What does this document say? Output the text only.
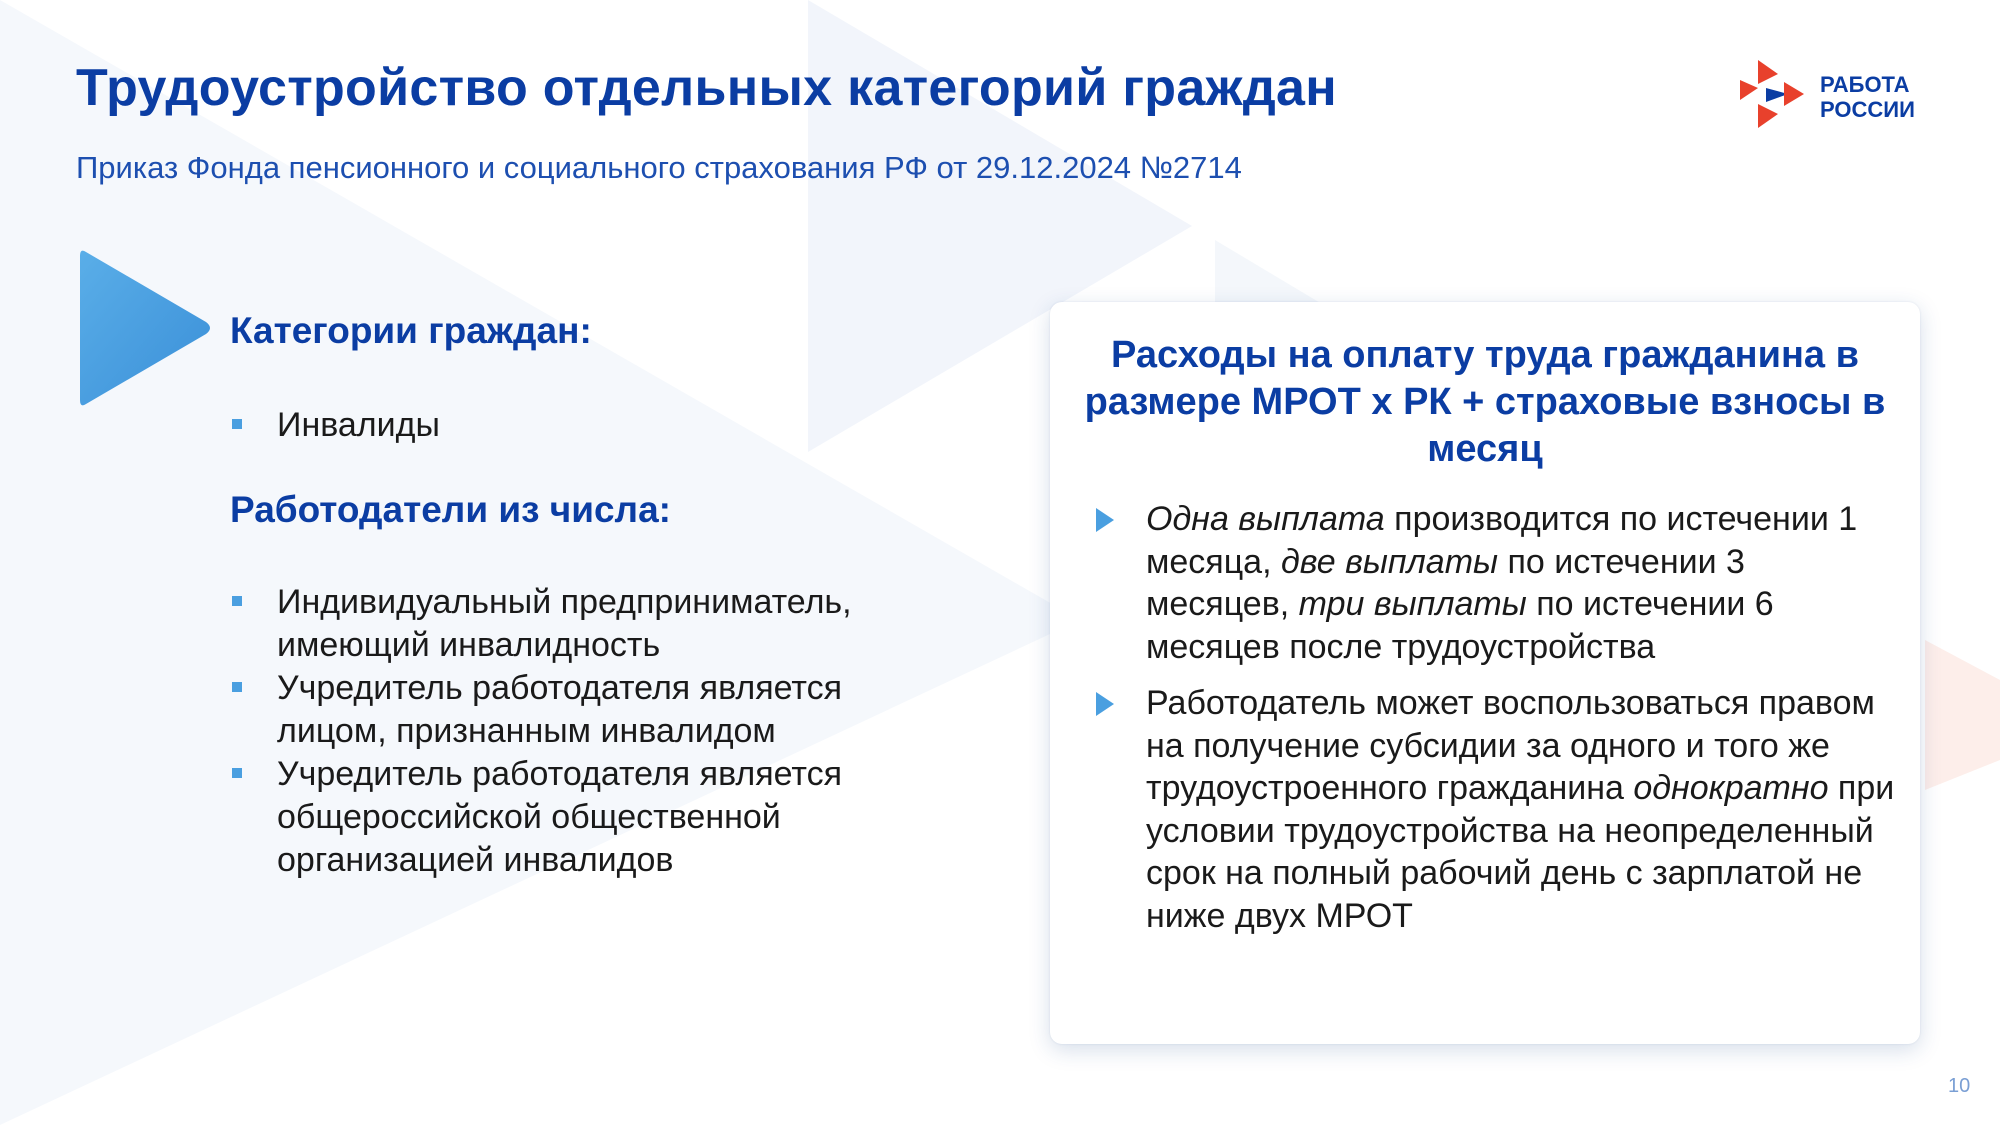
Трудоустройство отдельных категорий граждан
Приказ Фонда пенсионного и социального страхования РФ от 29.12.2024 №2714
РАБОТА
РОССИИ
Категории граждан:
Инвалиды
Работодатели из числа:
Индивидуальный предприниматель, имеющий инвалидность
Учредитель работодателя является лицом, признанным инвалидом
Учредитель работодателя является общероссийской общественной организацией инвалидов
Расходы на оплату труда гражданина в размере МРОТ х РК + страховые взносы в месяц
Одна выплата производится по истечении 1 месяца, две выплаты по истечении 3 месяцев, три выплаты по истечении 6 месяцев после трудоустройства
Работодатель может воспользоваться правом на получение субсидии за одного и того же трудоустроенного гражданина однократно при условии трудоустройства на неопределенный срок на полный рабочий день с зарплатой не ниже двух МРОТ
10
